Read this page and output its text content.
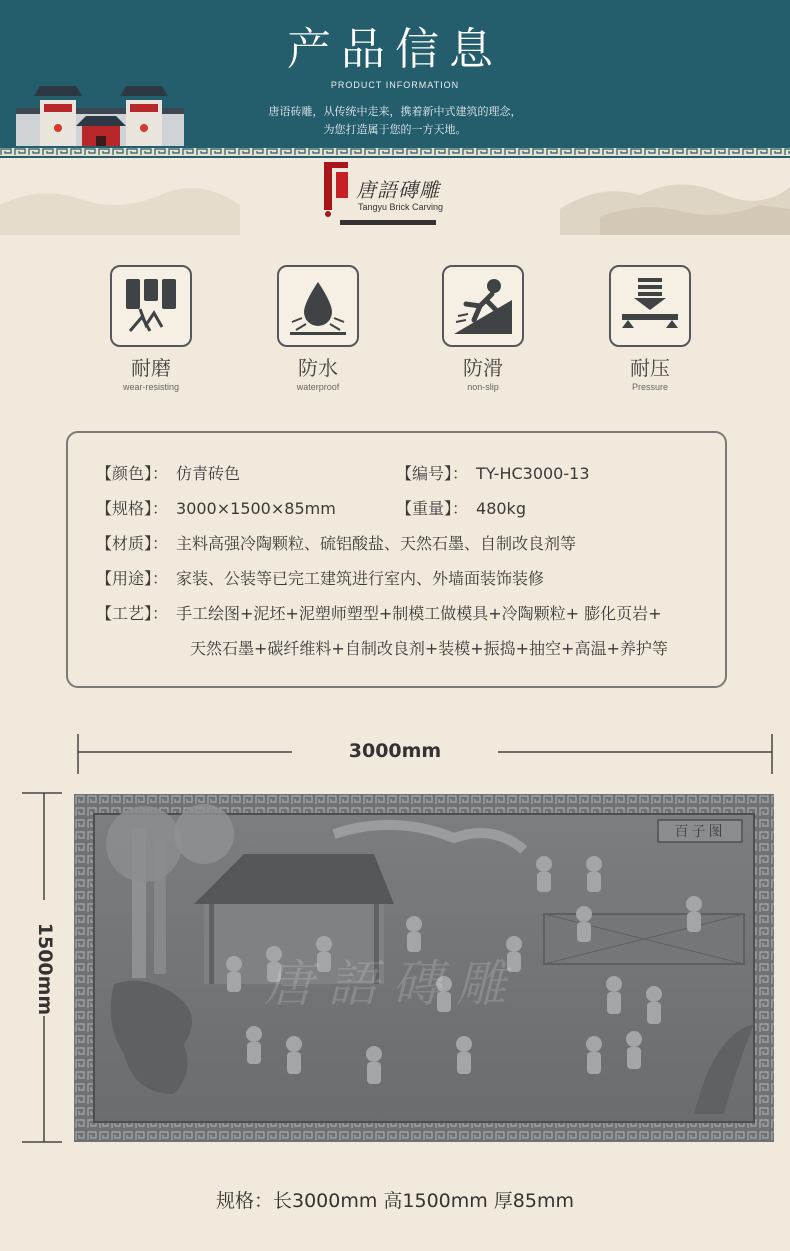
产品信息
PRODUCT INFORMATION
唐语砖雕，从传统中走来，携着新中式建筑的理念，
为您打造属于您的一方天地。
唐語磚雕
Tangyu Brick Carving
耐磨
wear-resisting
防水
waterproof
防滑
non-slip
耐压
Pressure
【颜色】： 仿青砖色	【编号】： TY-HC3000-13
【规格】： 3000×1500×85mm	【重量】： 480kg
【材质】： 主料高强冷陶颗粒、硫铝酸盐、天然石墨、自制改良剂等
【用途】： 家装、公装等已完工建筑进行室内、外墙面装饰装修
【工艺】： 手工绘图+泥坯+泥塑师塑型+制模工做模具+冷陶颗粒+ 膨化页岩+
天然石墨+碳纤维料+自制改良剂+装模+振捣+抽空+高温+养护等
3000mm
1500mm
百子图
唐語磚雕
规格：长3000mm 高1500mm 厚85mm
